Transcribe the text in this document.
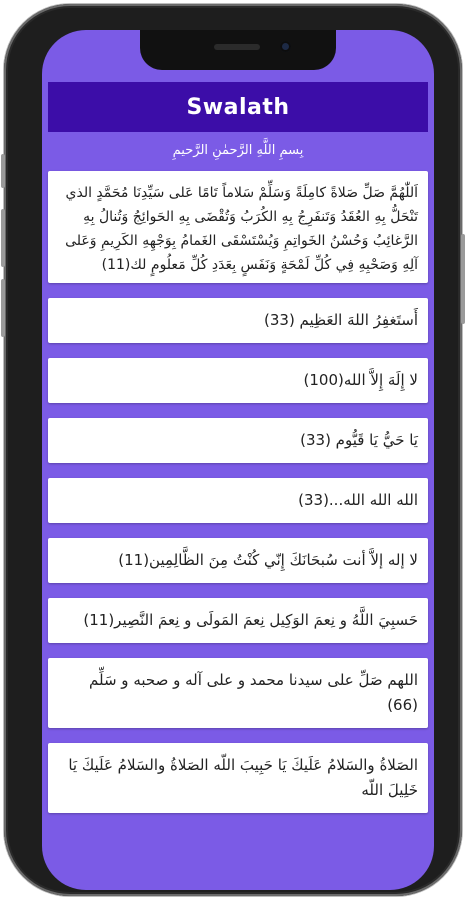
Swalath
بِسمِ اللَّهِ الرَّحمٰنِ الرَّحيمِ
اَللّٰهُمَّ صَلِّ صَلاةً كامِلَةً وَسَلِّمْ سَلاماً تَامًا عَلى سَيِّدِنَا مُحَمَّدٍ الذي تَنْحَلُّ بِهِ العُقَدُ وَتَنفَرِجُ بِهِ الكُرَبُ وَتُقْضَى بِهِ الحَوائِجُ وَتُنالُ بِهِ الرَّغائِبُ وَحُسْنُ الخَواتِمِ وَيُسْتَسْقَى الغَمامُ بِوَجْهِهِ الكَرِيمِ وَعَلى آلِهِ وَصَحْبِهِ فِي كُلِّ لَمْحَةٍ وَنَفَسٍ بِعَدَدِ كُلِّ مَعلُومٍ لك(11)
أَستَغفِرُ اللهَ العَظِيم (33)
لا إِلَهَ إِلاَّ الله(100)
يَا حَيُّ يَا قَيُّوم (33)
الله الله الله...(33)
لا إله إلاَّ أنت سُبحَانَكَ إِنّي كُنْتُ مِنَ الظَّالِمِين(11)
حَسبِيَ اللَّهُ و نِعمَ الوَكِيل نِعمَ المَولَى و نِعمَ النَّصِير(11)
اللهم صَلِّ على سيدنا محمد و على آله و صحبه و سَلِّم (66)
الصَلاةُ والسَلامُ عَلَيكَ يَا حَبِيبَ اللّه الصَلاةُ والسَلامُ عَلَيكَ يَا خَلِيلَ اللّه
